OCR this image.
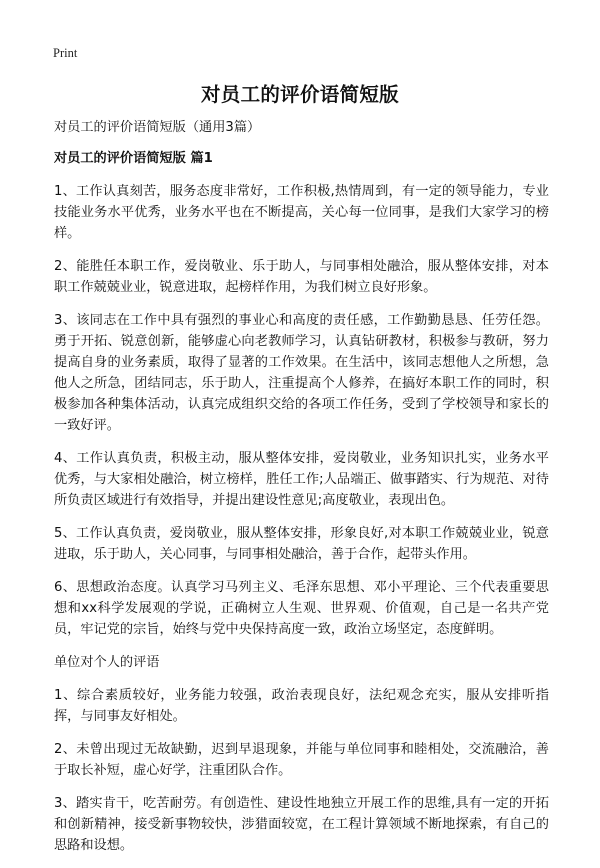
Print
对员工的评价语简短版

对员工的评价语简短版（通用3篇）

对员工的评价语简短版 篇1

1、工作认真刻苦，服务态度非常好，工作积极,热情周到，有一定的领导能力，专业技能业务水平优秀，业务水平也在不断提高，关心每一位同事，是我们大家学习的榜样。

2、能胜任本职工作，爱岗敬业、乐于助人，与同事相处融洽，服从整体安排，对本职工作兢兢业业，锐意进取，起榜样作用，为我们树立良好形象。

3、该同志在工作中具有强烈的事业心和高度的责任感，工作勤勤恳恳、任劳任怨。勇于开拓、锐意创新，能够虚心向老教师学习，认真钻研教材，积极参与教研，努力提高自身的业务素质，取得了显著的工作效果。在生活中，该同志想他人之所想，急他人之所急，团结同志，乐于助人，注重提高个人修养，在搞好本职工作的同时，积极参加各种集体活动，认真完成组织交给的各项工作任务，受到了学校领导和家长的一致好评。

4、工作认真负责，积极主动，服从整体安排，爱岗敬业，业务知识扎实，业务水平优秀，与大家相处融洽，树立榜样，胜任工作;人品端正、做事踏实、行为规范、对待所负责区域进行有效指导，并提出建设性意见;高度敬业，表现出色。

5、工作认真负责，爱岗敬业，服从整体安排，形象良好,对本职工作兢兢业业，锐意进取，乐于助人，关心同事，与同事相处融洽，善于合作，起带头作用。

6、思想政治态度。认真学习马列主义、毛泽东思想、邓小平理论、三个代表重要思想和xx科学发展观的学说，正确树立人生观、世界观、价值观，自己是一名共产党员，牢记党的宗旨，始终与党中央保持高度一致，政治立场坚定，态度鲜明。

单位对个人的评语

1、综合素质较好，业务能力较强，政治表现良好，法纪观念充实，服从安排听指挥，与同事友好相处。

2、未曾出现过无故缺勤，迟到早退现象，并能与单位同事和睦相处，交流融洽，善于取长补短，虚心好学，注重团队合作。

3、踏实肯干，吃苦耐劳。有创造性、建设性地独立开展工作的思维,具有一定的开拓和创新精神，接受新事物较快，涉猎面较宽，在工程计算领域不断地探索，有自己的思路和设想。
